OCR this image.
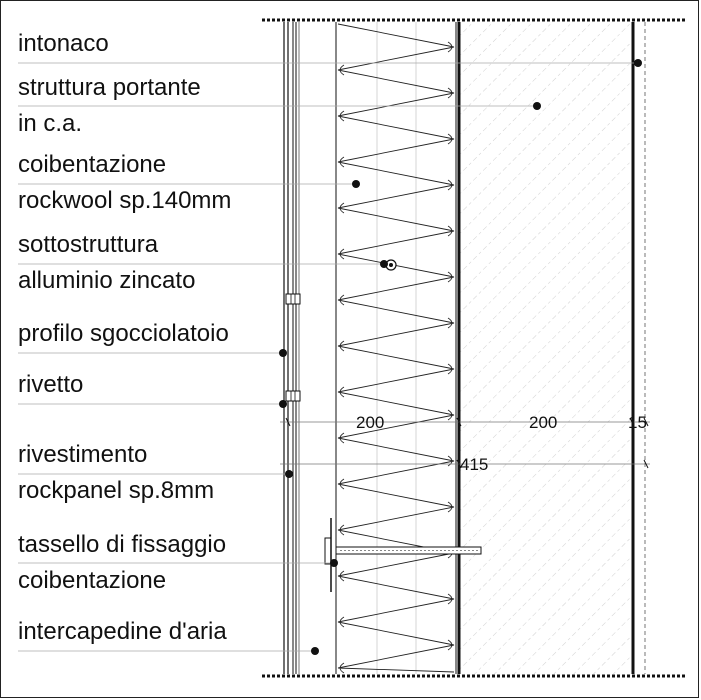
200	200	15
415
intonaco
struttura portante
in c.a.
coibentazione
rockwool sp.140mm
sottostruttura
alluminio zincato
profilo sgocciolatoio
rivetto
rivestimento
rockpanel sp.8mm
tassello di fissaggio
coibentazione
intercapedine d'aria
